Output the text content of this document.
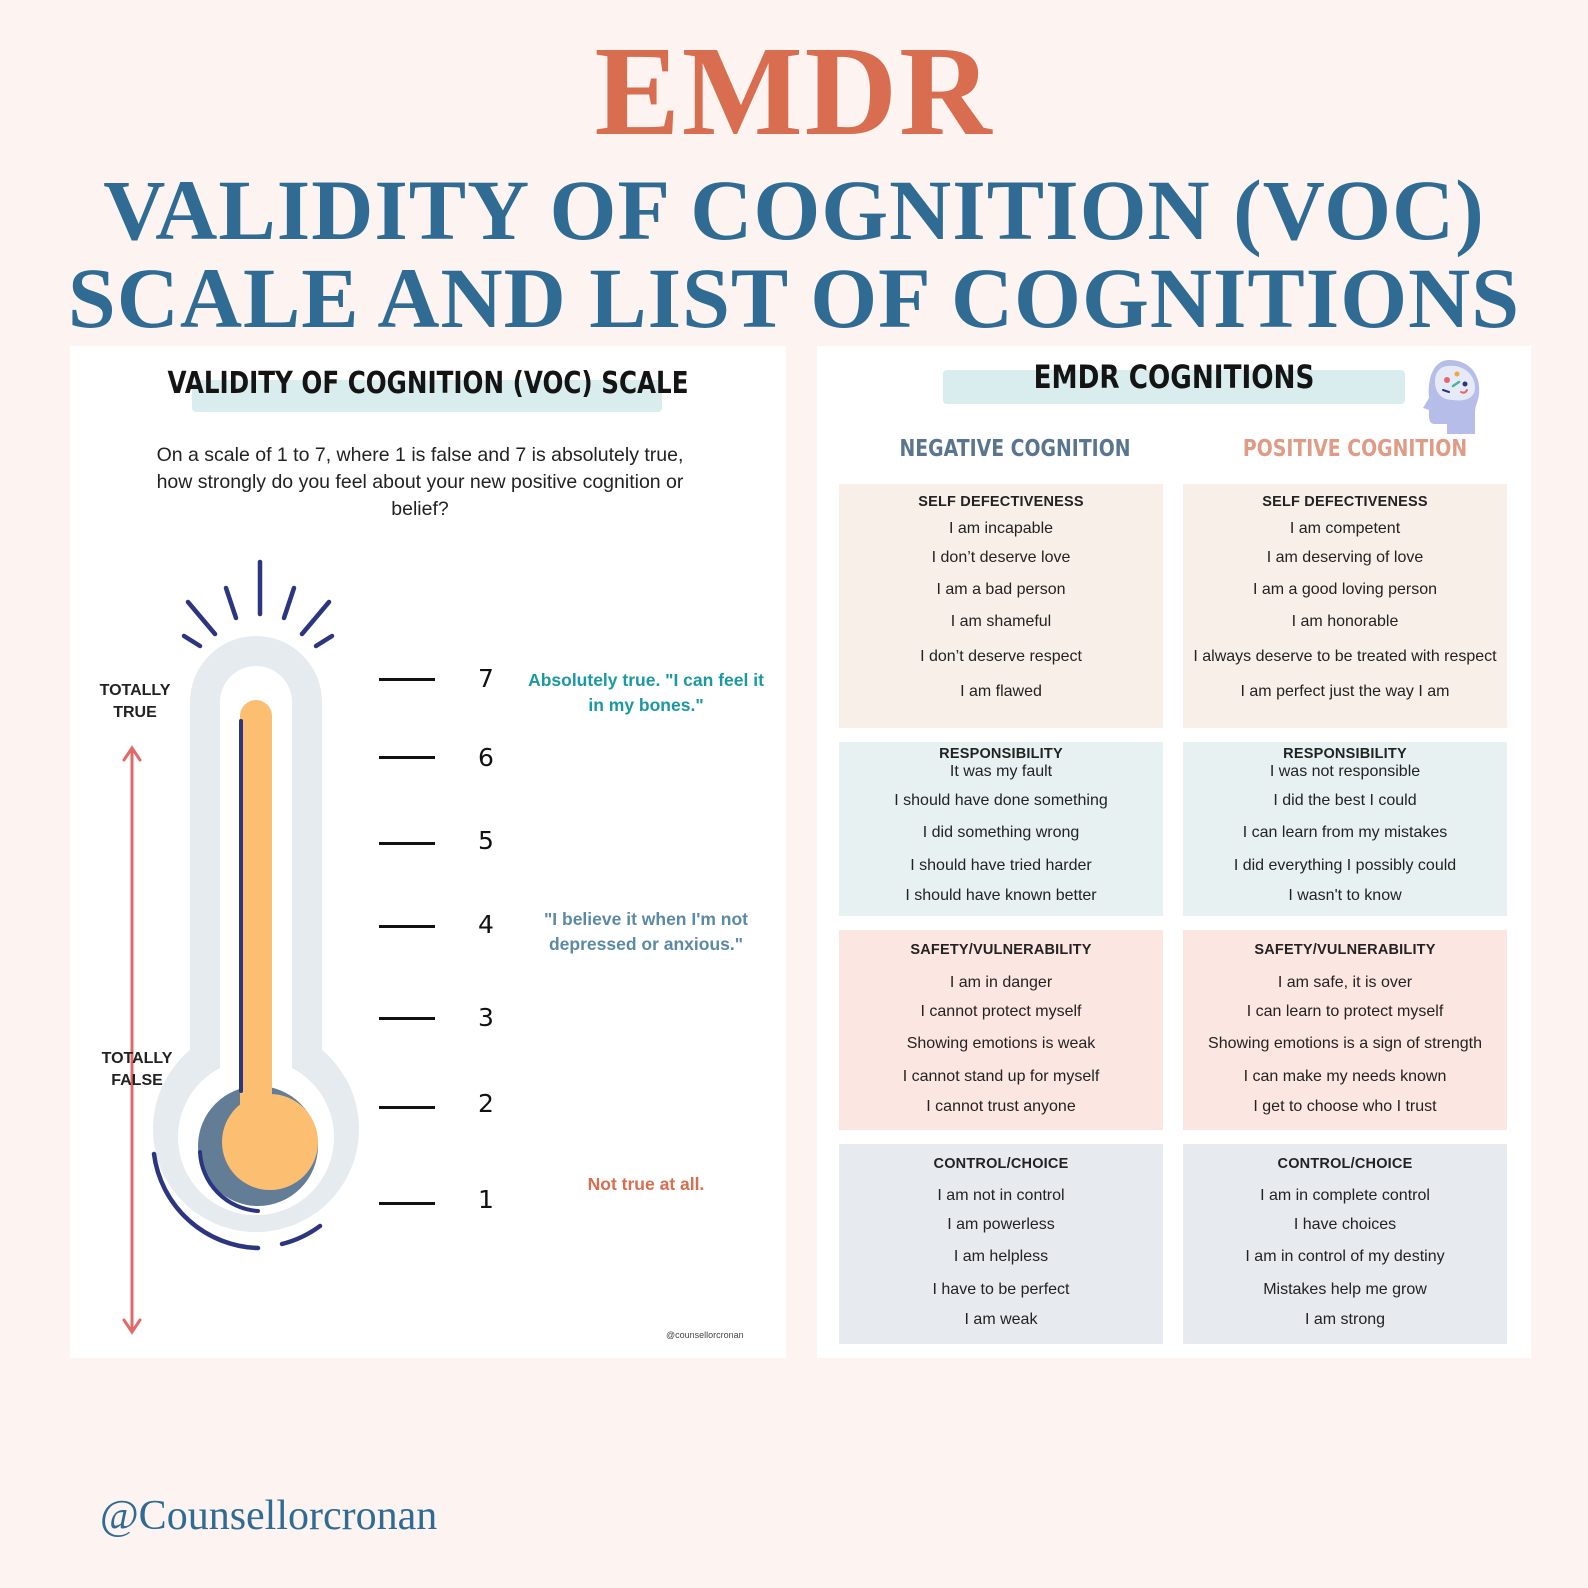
EMDR
VALIDITY OF COGNITION (VOC)
SCALE AND LIST OF COGNITIONS
VALIDITY OF COGNITION (VOC) SCALE
On a scale of 1 to 7, where 1 is false and 7 is absolutely true, how strongly do you feel about your new positive cognition or belief?
TOTALLY TRUE
TOTALLY FALSE
7
6
5
4
3
2
1
Absolutely true. "I can feel it in my bones."
"I believe it when I'm not depressed or anxious."
Not true at all.
@counsellorcronan
EMDR COGNITIONS
NEGATIVE COGNITION	POSITIVE COGNITION
SELF DEFECTIVENESS
I am incapable
I don’t deserve love
I am a bad person
I am shameful
I don’t deserve respect
I am flawed
SELF DEFECTIVENESS
I am competent
I am deserving of love
I am a good loving person
I am honorable
I always deserve to be treated with respect
I am perfect just the way I am
RESPONSIBILITY
It was my fault
I should have done something
I did something wrong
I should have tried harder
I should have known better
RESPONSIBILITY
I was not responsible
I did the best I could
I can learn from my mistakes
I did everything I possibly could
I wasn't to know
SAFETY/VULNERABILITY
I am in danger
I cannot protect myself
Showing emotions is weak
I cannot stand up for myself
I cannot trust anyone
SAFETY/VULNERABILITY
I am safe, it is over
I can learn to protect myself
Showing emotions is a sign of strength
I can make my needs known
I get to choose who I trust
CONTROL/CHOICE
I am not in control
I am powerless
I am helpless
I have to be perfect
I am weak
CONTROL/CHOICE
I am in complete control
I have choices
I am in control of my destiny
Mistakes help me grow
I am strong
@Counsellorcronan
